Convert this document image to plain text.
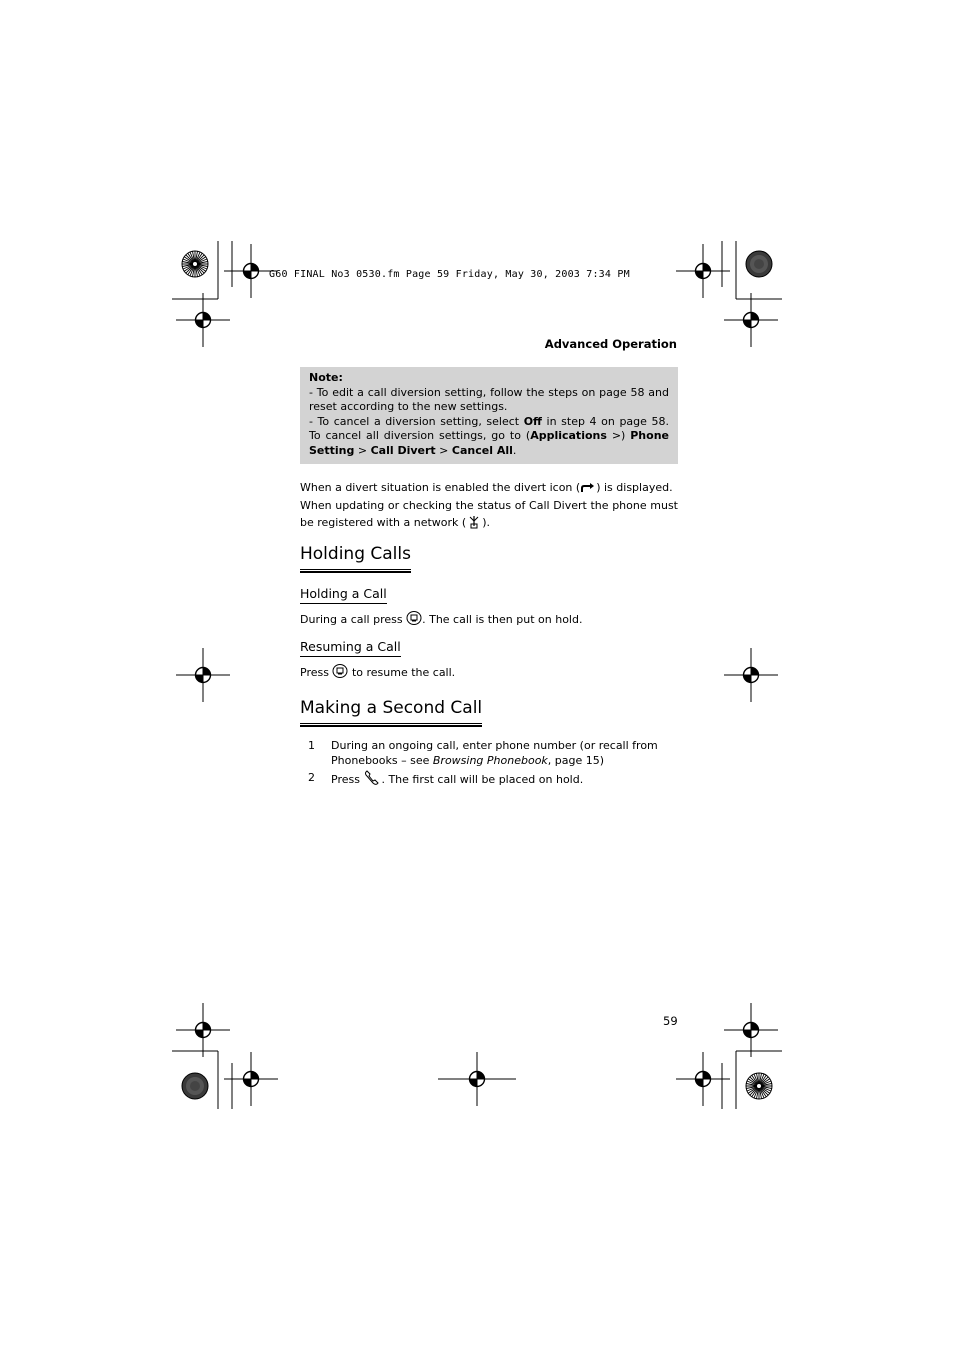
G60 FINAL No3 0530.fm Page 59 Friday, May 30, 2003 7:34 PM
Advanced Operation

Note:

- To edit a call diversion setting, follow the steps on page 58 and reset according to the new settings.

- To cancel a diversion setting, select Off in step 4 on page 58. To cancel all diversion settings, go to (Applications >) Phone Setting > Call Divert > Cancel All.

When a divert situation is enabled the divert icon ( ) is displayed.

When updating or checking the status of Call Divert the phone must be registered with a network ( ).

Holding Calls
Holding a Call

During a call press . The call is then put on hold.

Resuming a Call

Press  to resume the call.

Making a Second Call
1 During an ongoing call, enter phone number (or recall from Phonebooks – see Browsing Phonebook, page 15)
2 Press . The first call will be placed on hold.
59
